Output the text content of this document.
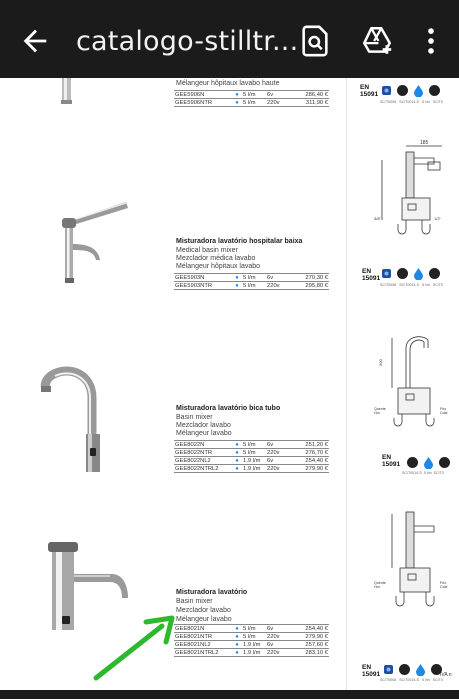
catalogo-stilltr...
Mélangeur hôpitaux lavabo haute
GEE5906N	●	5 l/m	6v	286,40 €
GEE5906NTR	●	5 l/m	220v	311,90 €
EN
15091
SC/T0008 SC/T0014-S 5 l/m SC/T0
185
3/8"	1/2"
Misturadora lavatório hospitalar baixa
Medical basin mixer
Mezclador médica lavabo
Mélangeur hôpitaux lavabo
GEE5903N	●	5 l/m	6v	270,30 €
GEE5903NTR	●	5 l/m	220v	295,80 €
EN
15091
SC/T0008 SC/T0014-S 5 l/m SC/T0
Misturadora lavatório bica tubo
Basin mixer
Mezclador lavabo
Mélangeur lavabo
GEE8022N	●	5 l/m	6v	251,20 €
GEE8022NTR	●	5 l/m	220v	276,70 €
GEE8022NL2	●	1,9 l/m	6v	254,40 €
GEE8022NTRL2	●	1,9 l/m	220v	279,90 €
EN
15091
SC/T0014-S 5 l/m SC/T0
200
Quente Hot
Frio Cold
Misturadora lavatório
Basin mixer
Mezclador lavabo
Mélangeur lavabo
GEE8021N	●	5 l/m	6v	254,40 €
GEE8021NTR	●	5 l/m	220v	279,90 €
GEE8021NL2	●	1,9 l/m	6v	257,60 €
GEE8021NTRL2	●	1,9 l/m	220v	283,10 €
EN
15091
SC/T0008 SC/T0014-S 5 l/m SC/T0
Quente Hot
Frio Cold
IVA n
